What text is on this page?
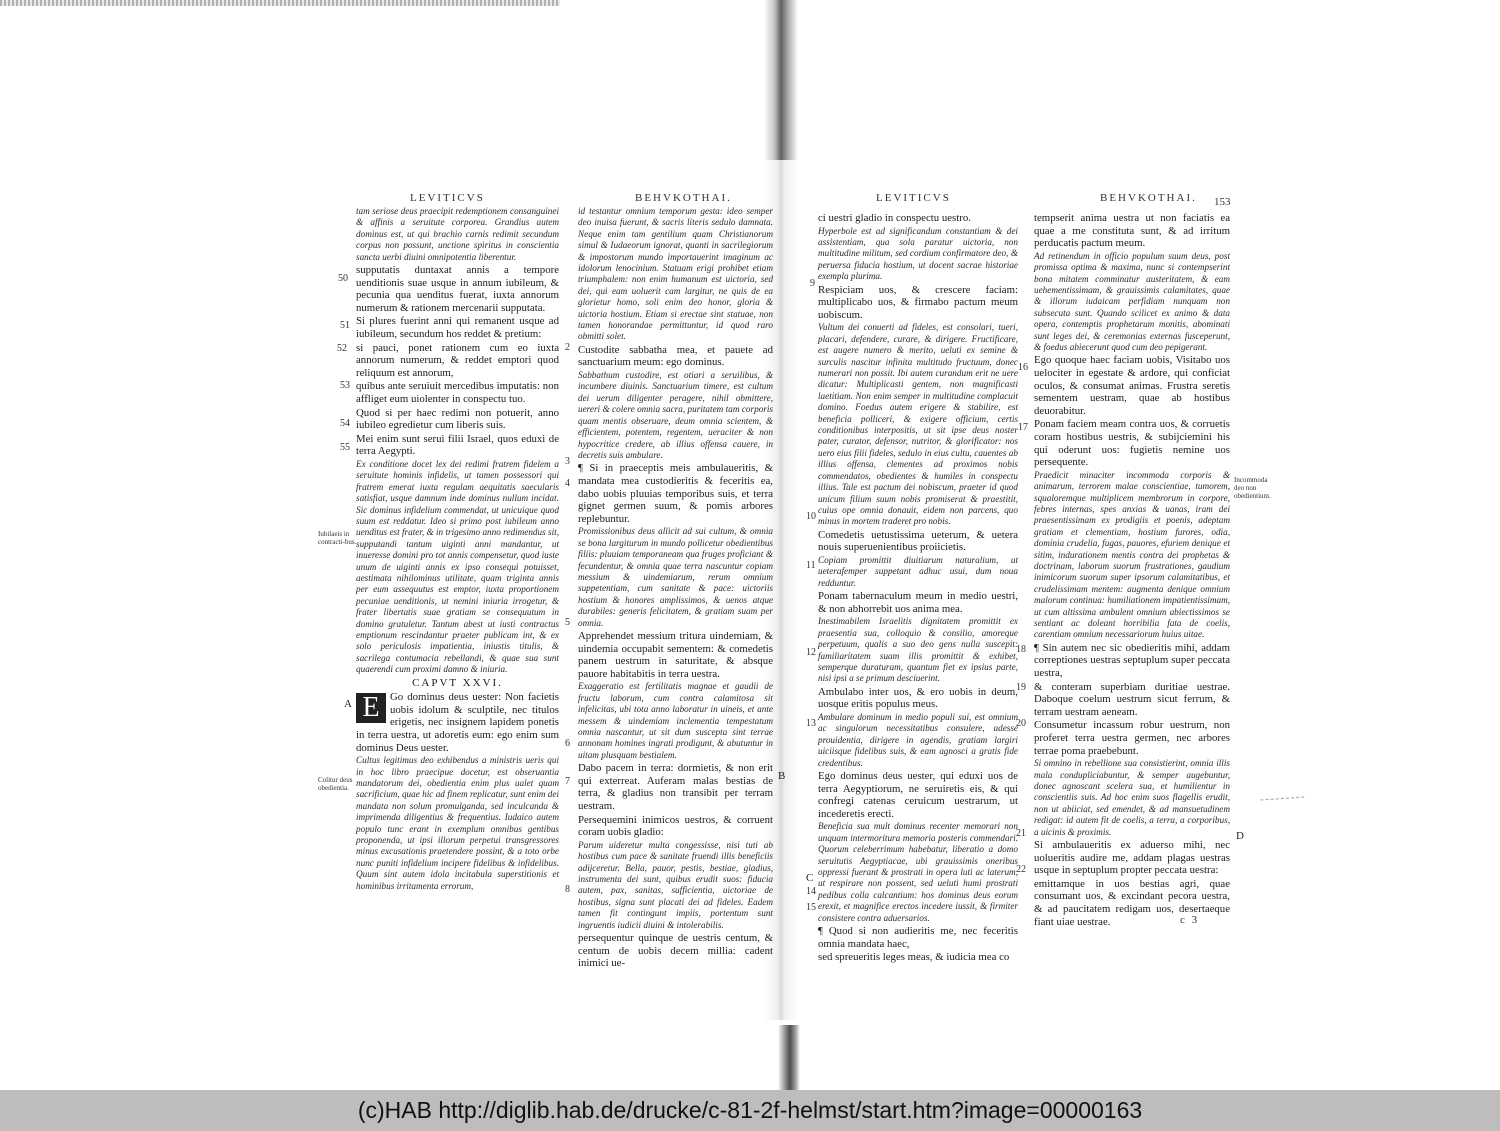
LEVITICVS	BEHVKOTHAI.

tam seriose deus praecipit redemptionem consanguinei & affinis a seruitute corporea. Grandius autem dominus est, ut qui brachio carnis redimit secundum corpus non possunt, unctione spiritus in conscientia sancta uerbi diuini omnipotentia liberentur.

supputatis duntaxat annis a tempore uenditionis suae usque in annum iubileum, & pecunia qua uenditus fuerat, iuxta annorum numerum & rationem mercenarii supputata.

Si plures fuerint anni qui remanent usque ad iubileum, secundum hos reddet & pretium:

si pauci, ponet rationem cum eo iuxta annorum numerum, & reddet emptori quod reliquum est annorum,

quibus ante seruiuit mercedibus imputatis: non affliget eum uiolenter in conspectu tuo.

Quod si per haec redimi non potuerit, anno iubileo egredietur cum liberis suis.

Mei enim sunt serui filii Israel, quos eduxi de terra Aegypti.

Ex conditione docet lex dei redimi fratrem fidelem a seruitute hominis infidelis, ut tamen possessori qui fratrem emerat iuxta regulam aequitatis saecularis satisfiat, usque damnum inde dominus nullum incidat. Sic dominus infidelium commendat, ut unicuique quod suum est reddatur. Ideo si primo post iubileum anno uenditus est frater, & in trigesimo anno redimendus sit, supputandi tantum uiginti anni mandantur, ut inueresse domini pro tot annis compensetur, quod iuste unum de uiginti annis ex ipso consequi potuisset, aestimata nihilominus utilitate, quam triginta annis per eum assequutus est emptor, iuxta proportionem pecuniae uenditionis, ut nemini iniuria irrogetur, & frater libertatis suae gratiam se consequutum in domino gratuletur. Tantum abest ut iusti contractus emptionum rescindantur praeter publicam int, & ex solo periculosis impatientia, iniustis titulis, & sacrilega contumacia rebellandi, & quae sua sunt quaerendi cum proximi damno & iniuria.

CAPVT XXVI.

E Go dominus deus uester: Non facietis uobis idolum & sculptile, nec titulos erigetis, nec insignem lapidem ponetis in terra uestra, ut adoretis eum: ego enim sum dominus Deus uester.

Cultus legitimus deo exhibendus a ministris ueris qui in hoc libro praecipue docetur, est obseruantia mandatorum dei, obedientia enim plus ualet quam sacrificium, quae hic ad finem replicatur, sunt enim dei mandata non solum promulganda, sed inculcanda & imprimenda diligentius & frequentius. Iudaico autem populo tunc erant in exemplum omnibus gentibus proponenda, ut ipsi illorum perpetui transgressores minus excusationis praetendere possint, & a toto orbe nunc puniti infidelium incipere fidelibus & infidelibus. Quum sint autem idola incitabula superstitionis et hominibus irritamenta errorum,

id testantur omnium temporum gesta: ideo semper deo inuisa fuerunt, & sacris literis sedulo damnata. Neque enim tam gentilium quam Christianorum simul & Iudaeorum ignorat, quanti in sacrilegiorum & impostorum mundo importauerint imaginum ac idolorum lenocinium. Statuam erigi prohibet etiam triumphalem: non enim humanum est uictoria, sed dei, qui eam uoluerit cam largitur, ne quis de ea glorietur homo, soli enim deo honor, gloria & uictoria hostium. Etiam si erectae sint statuae, non tamen honorandae permittuntur, id quod raro obmitti solet.

Custodite sabbatha mea, et pauete ad sanctuarium meum: ego dominus.

Sabbathum custodire, est otiari a seruilibus, & incumbere diuinis. Sanctuarium timere, est cultum dei uerum diligenter peragere, nihil obmittere, uereri & colere omnia sacra, puritatem tam corporis quam mentis obseruare, deum omnia scientem, & efficientem, potentem, regentem, ueraciter & non hypocritice credere, ab illius offensa cauere, in decretis suis ambulare.

¶ Si in praeceptis meis ambulaueritis, & mandata mea custodieritis & feceritis ea, dabo uobis pluuias temporibus suis, et terra gignet germen suum, & pomis arbores replebuntur.

Promissionibus deus allicit ad sui cultum, & omnia se bona largiturum in mundo pollicetur obedientibus filiis: pluuiam temporaneam qua fruges proficiant & fecundentur, & omnia quae terra nascuntur copiam messium & uindemiarum, rerum omnium suppetentiam, cum sanitate & pace: uictoriis hostium & honores amplissimos, & uenos atque durabiles: generis felicitatem, & gratiam suam per omnia.

Apprehendet messium tritura uindemiam, & uindemia occupabit sementem: & comedetis panem uestrum in saturitate, & absque pauore habitabitis in terra uestra.

Exaggeratio est fertilitatis magnae et gaudii de fructu laborum, cum contra calamitosa sit infelicitas, ubi tota anno laboratur in uineis, et ante messem & uindemiam inclementia tempestatum omnia nascantur, ut sit dum suscepta sint terrae annonam homines ingrati prodigunt, & abutuntur in uitam plusquam bestialem.

Dabo pacem in terra: dormietis, & non erit qui exterreat. Auferam malas bestias de terra, & gladius non transibit per terram uestram.

Persequemini inimicos uestros, & corruent coram uobis gladio:

Parum uideretur multa congessisse, nisi tuti ab hostibus cum pace & sanitate fruendi illis beneficiis adijceretur. Bella, pauor, pestis, bestiae, gladius, instrumenta dei sunt, quibus erudit suos: fiducia autem, pax, sanitas, sufficientia, uictoriae de hostibus, signa sunt placati dei ad fideles. Eadem tamen fit contingunt impiis, portentum sunt ingruentis iudicii diuini & intolerabilis.

persequentur quinque de uestris centum, & centum de uobis decem millia: cadent inimici ue-

50
51
52
53
54
55
2
3
4
5
6
7
8
Iubilaeis in contracti-bus.
Colitur deus obedientia.
A
B
LEVITICVS	BEHVKOTHAI. 153

ci uestri gladio in conspectu uestro.

Hyperbole est ad significandum constantiam & dei assistentiam, qua sola paratur uictoria, non multitudine militum, sed cordium confirmatore deo, & peruersa fiducia hostium, ut docent sacrae historiae exempla plurima.

Respiciam uos, & crescere faciam: multiplicabo uos, & firmabo pactum meum uobiscum.

Vultum dei conuerti ad fideles, est consolari, tueri, placari, defendere, curare, & dirigere. Fructificare, est augere numero & merito, ueluti ex semine & surculis nascitur infinita multitudo fructuum, donec numerari non possit. Ibi autem curandum erit ne uere dicatur: Multiplicasti gentem, non magnificasti laetitiam. Non enim semper in multitudine complacuit domino. Foedus autem erigere & stabilire, est beneficia polliceri, & exigere officium, certis conditionibus interpositis, ut sit ipse deus noster pater, curator, defensor, nutritor, & glorificator: nos uero eius filii fideles, sedulo in eius cultu, cauentes ab illius offensa, clementes ad proximos nobis commendatos, obedientes & humiles in conspectu illius. Tale est pactum dei nobiscum, praeter id quod unicum filium suum nobis promiserat & praestitit, cuius ope omnia donauit, eidem non parcens, quo minus in mortem traderet pro nobis.

Comedetis uetustissima ueterum, & uetera nouis superuenientibus proiicietis.

Copiam promittit diuitiarum naturalium, ut ueterafemper suppetant adhuc usui, dum noua redduntur.

Ponam tabernaculum meum in medio uestri, & non abhorrebit uos anima mea.

Inestimabilem Israelitis dignitatem promittit ex praesentia sua, colloquio & consilio, amoreque perpetuum, qualis a suo deo gens nulla suscepit: familiaritatem suam illis promittit & exhibet, semperque duraturam, quantum fiet ex ipsius parte, nisi ipsi a se primum desciuerint.

Ambulabo inter uos, & ero uobis in deum, uosque eritis populus meus.

Ambulare dominum in medio populi sui, est omnium ac singulorum necessitatibus consulere, adesse prouidentia, dirigere in agendis, gratiam largiri uiciisque fidelibus suis, & eam agnosci a gratis fide credentibus.

Ego dominus deus uester, qui eduxi uos de terra Aegyptiorum, ne seruiretis eis, & qui confregi catenas ceruicum uestrarum, ut incederetis erecti.

Beneficia sua mult dominus recenter memorari non unquam intermoritura memoria posteris commendari. Quorum celeberrimum habebatur, liberatio a domo seruitutis Aegyptiacae, ubi grauissimis oneribus oppressi fuerant & prostrati in opera luti ac laterum, ut respirare non possent, sed ueluti humi prostrati pedibus colla calcantium: hos dominus deus eorum erexit, et magnifice erectos incedere iussit, & firmiter consistere contra aduersarios.

¶ Quod si non audieritis me, nec feceritis omnia mandata haec,

sed spreueritis leges meas, & iudicia mea co

tempserit anima uestra ut non faciatis ea quae a me constituta sunt, & ad irritum perducatis pactum meum.

Ad retinendum in officio populum suum deus, post promissa optima & maxima, nunc si contempserint bona mitatem comminatur austeritatem, & eam uehementissimam, & grauissimis calamitates, quae & illorum iudaicam perfidiam nunquam non subsecuta sunt. Quando scilicet ex animo & data opera, contemptis prophetarum monitis, abominati sunt leges dei, & ceremonias externas fusceperunt, & foedus abiecerunt quod cum deo pepigerant.

Ego quoque haec faciam uobis, Visitabo uos uelociter in egestate & ardore, qui conficiat oculos, & consumat animas. Frustra seretis sementem uestram, quae ab hostibus deuorabitur.

Ponam faciem meam contra uos, & corruetis coram hostibus uestris, & subijciemini his qui oderunt uos: fugietis nemine uos persequente.

Praedicit minaciter incommoda corporis & animarum, terrorem malae conscientiae, tumorem, squaloremque multiplicem membrorum in corpore, febres internas, spes anxias & uanas, iram dei praesentissimam ex prodigiis et poenis, adeptam gratiam et clementiam, hostium furores, odia, dominia crudelia, fugas, pauores, efuriem denique et sitim, indurationem mentis contra dei prophetas & doctrinam, laborum suorum frustrationes, gaudium inimicorum suorum super ipsorum calamitatibus, et crudelissimam mentem: augmenta denique omnium malorum continua: humiliationem impatientissimam, ut cum altissima ambulent omnium abiectissimos se sentiant ac doleant horribilia fata de coelis, carentiam omnium necessariorum huius uitae.

¶ Sin autem nec sic obedieritis mihi, addam correptiones uestras septuplum super peccata uestra,

& conteram superbiam duritiae uestrae. Daboque coelum uestrum sicut ferrum, & terram uestram aeneam.

Consumetur incassum robur uestrum, non proferet terra uestra germen, nec arbores terrae poma praebebunt.

Si omnino in rebellione sua consistierint, omnia illis mala condupliciabuntur, & semper augebuntur, donec agnoscant scelera sua, et humilientur in conscientiis suis. Ad hoc enim suos flagellis erudit, non ut abiiciat, sed emendet, & ad mansuetudinem redigat: id autem fit de coelis, a terra, a corporibus, a uicinis & proximis.

Si ambulaueritis ex aduerso mihi, nec uolueritis audire me, addam plagas uestras usque in septuplum propter peccata uestra:

emittamque in uos bestias agri, quae consumant uos, & excindant pecora uestra, & ad paucitatem redigam uos, desertaeque fiant uiae uestrae.

9
10
11
12
13
14
15
16
17
18
19
20
21
22
Incommoda deo non obedientium.
C
D
c 3
(c)HAB http://diglib.hab.de/drucke/c-81-2f-helmst/start.htm?image=00000163
